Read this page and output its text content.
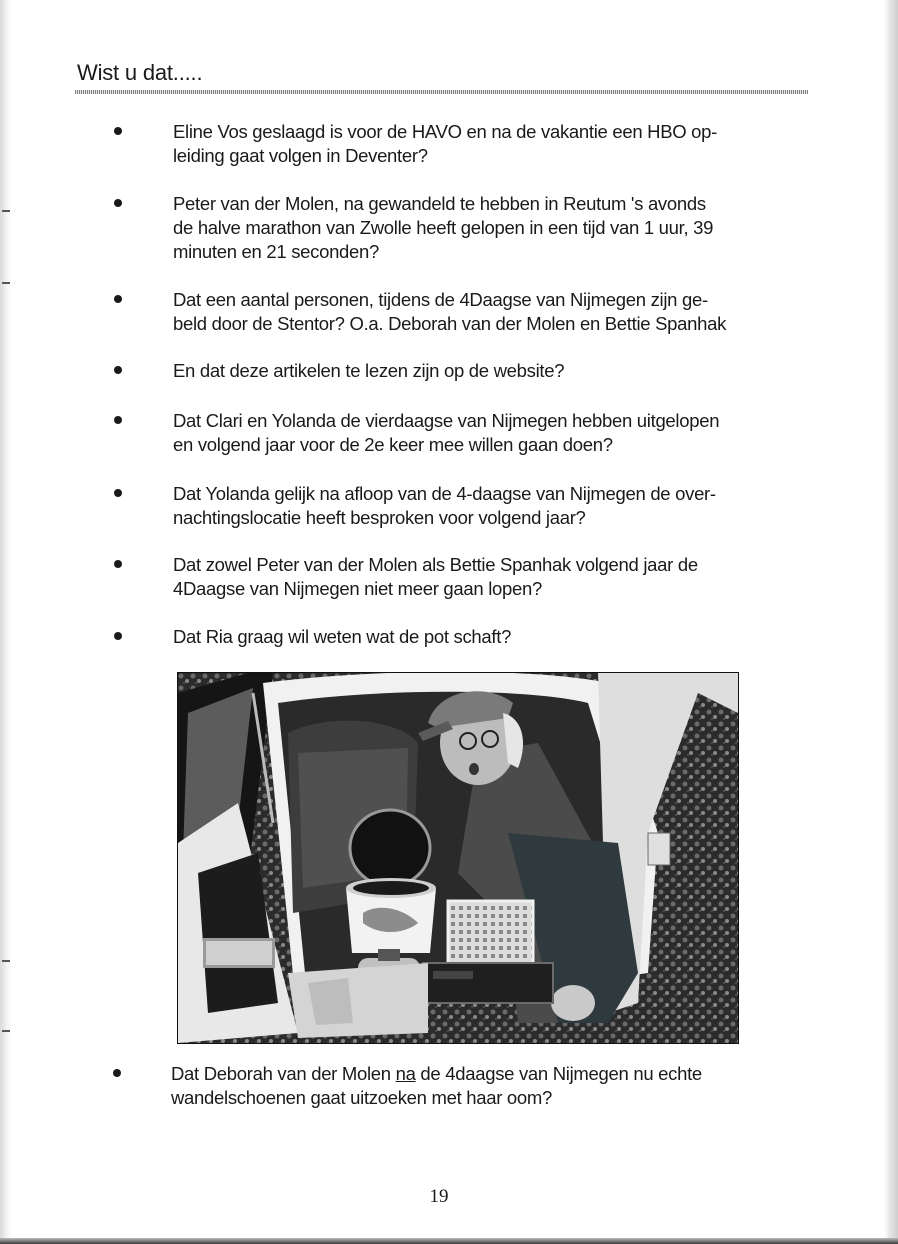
Wist u dat.....

Eline Vos geslaagd is voor de HAVO en na de vakantie een HBO op-
leiding gaat volgen in Deventer?

Peter van der Molen, na gewandeld te hebben in Reutum 's avonds
de halve marathon van Zwolle heeft gelopen in een tijd van 1 uur, 39
minuten en 21 seconden?

Dat een aantal personen, tijdens de 4Daagse van Nijmegen zijn ge-
beld door de Stentor? O.a. Deborah van der Molen en Bettie Spanhak

En dat deze artikelen te lezen zijn op de website?

Dat Clari en Yolanda de vierdaagse van Nijmegen hebben uitgelopen
en volgend jaar voor de 2e keer mee willen gaan doen?

Dat Yolanda gelijk na afloop van de 4-daagse van Nijmegen de over-
nachtingslocatie heeft besproken voor volgend jaar?

Dat zowel Peter van der Molen als Bettie Spanhak volgend jaar de
4Daagse van Nijmegen niet meer gaan lopen?

Dat Ria graag wil weten wat de pot schaft?

Dat Deborah van der Molen na de 4daagse van Nijmegen nu echte
wandelschoenen gaat uitzoeken met haar oom?

19
